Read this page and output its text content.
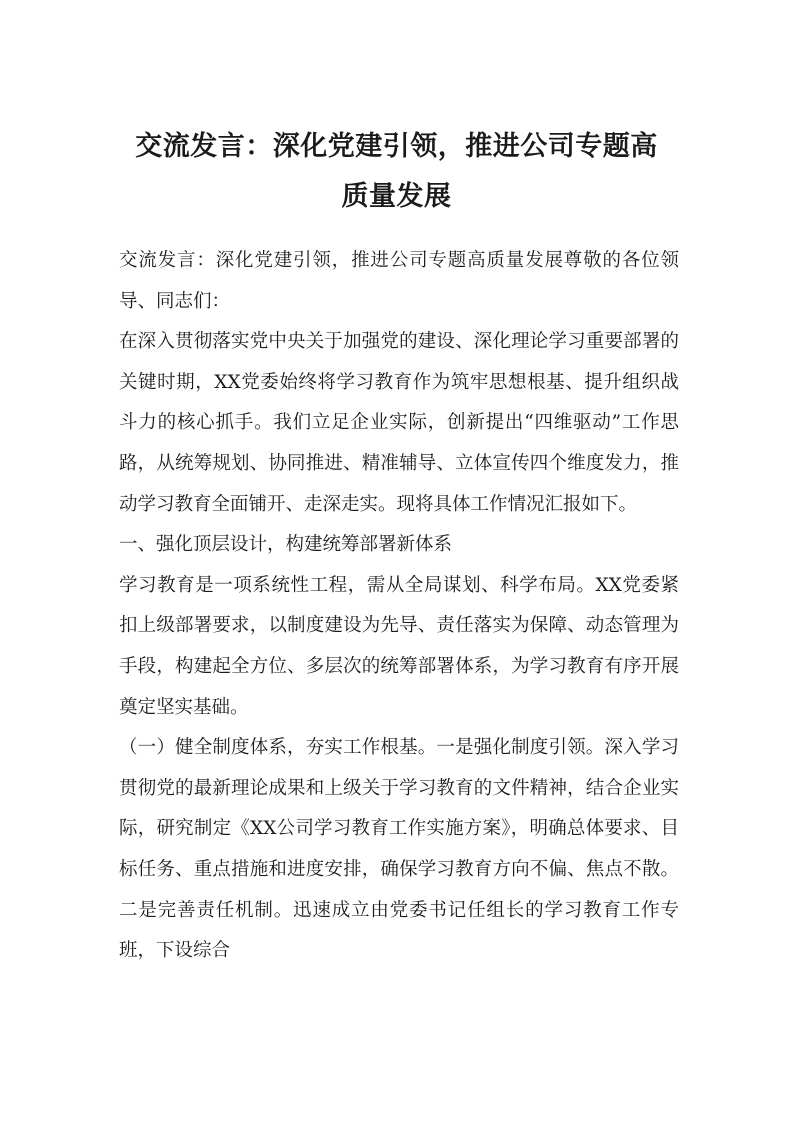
交流发言：深化党建引领，推进公司专题高
质量发展

交流发言：深化党建引领，推进公司专题高质量发展尊敬的各位领导、同志们：

在深入贯彻落实党中央关于加强党的建设、深化理论学习重要部署的关键时期，XX党委始终将学习教育作为筑牢思想根基、提升组织战斗力的核心抓手。我们立足企业实际，创新提出“四维驱动”工作思路，从统筹规划、协同推进、精准辅导、立体宣传四个维度发力，推动学习教育全面铺开、走深走实。现将具体工作情况汇报如下。

一、强化顶层设计，构建统筹部署新体系

学习教育是一项系统性工程，需从全局谋划、科学布局。XX党委紧扣上级部署要求，以制度建设为先导、责任落实为保障、动态管理为手段，构建起全方位、多层次的统筹部署体系，为学习教育有序开展奠定坚实基础。

（一）健全制度体系，夯实工作根基。一是强化制度引领。深入学习贯彻党的最新理论成果和上级关于学习教育的文件精神，结合企业实际，研究制定《XX公司学习教育工作实施方案》，明确总体要求、目标任务、重点措施和进度安排，确保学习教育方向不偏、焦点不散。二是完善责任机制。迅速成立由党委书记任组长的学习教育工作专班，下设综合
